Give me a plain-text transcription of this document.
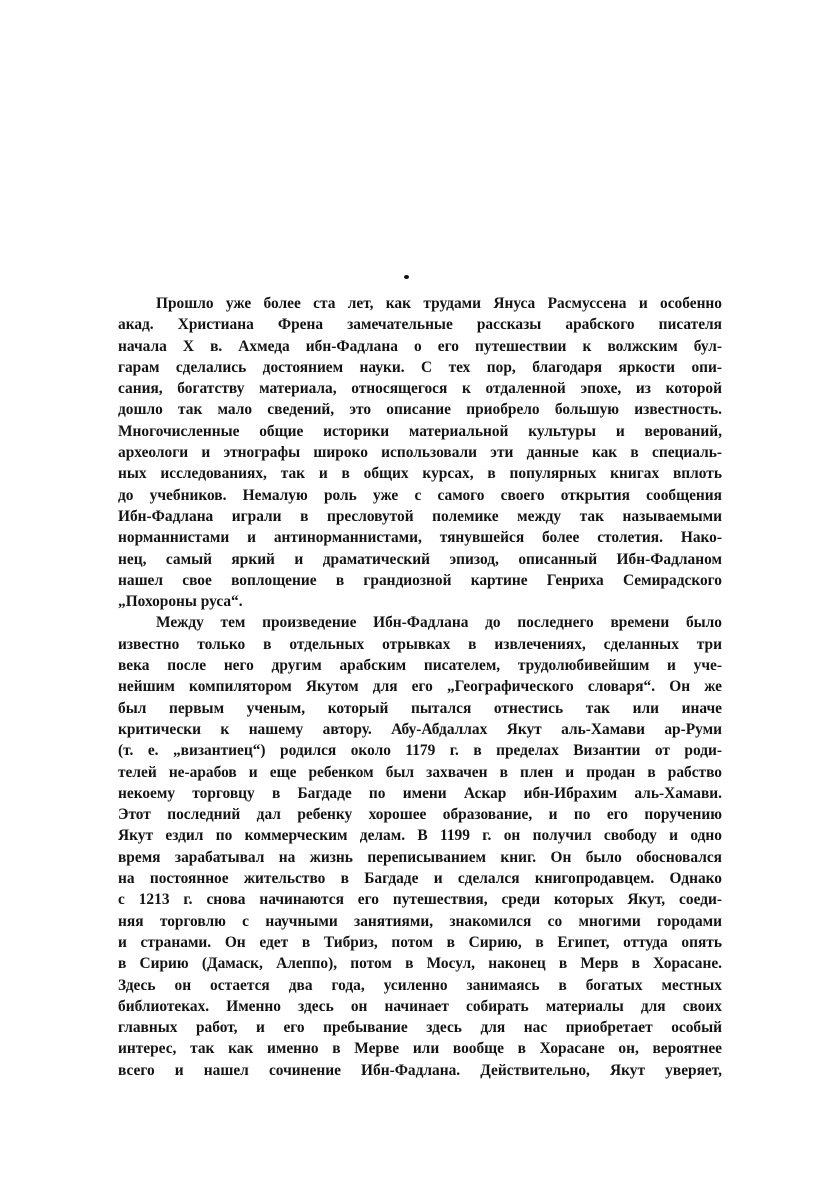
Прошло уже более ста лет, как трудами Януса Расмуссена и особенно
акад. Христиана Френа замечательные рассказы арабского писателя
начала X в. Ахмеда ибн-Фадлана о его путешествии к волжским бул-
гарам сделались достоянием науки. С тех пор, благодаря яркости опи-
сания, богатству материала, относящегося к отдаленной эпохе, из которой
дошло так мало сведений, это описание приобрело большую известность.
Многочисленные общие историки материальной культуры и верований,
археологи и этнографы широко использовали эти данные как в специаль-
ных исследованиях, так и в общих курсах, в популярных книгах вплоть
до учебников. Немалую роль уже с самого своего открытия сообщения
Ибн-Фадлана играли в пресловутой полемике между так называемыми
норманнистами и антинорманнистами, тянувшейся более столетия. Нако-
нец, самый яркий и драматический эпизод, описанный Ибн-Фадланом
нашел свое воплощение в грандиозной картине Генриха Семирадского
„Похороны руса“.

Между тем произведение Ибн-Фадлана до последнего времени было
известно только в отдельных отрывках в извлечениях, сделанных три
века после него другим арабским писателем, трудолюбивейшим и уче-
нейшим компилятором Якутом для его „Географического словаря“. Он же
был первым ученым, который пытался отнестись так или иначе
критически к нашему автору. Абу-Абдаллах Якут аль-Хамави ар-Руми
(т. е. „византиец“) родился около 1179 г. в пределах Византии от роди-
телей не-арабов и еще ребенком был захвачен в плен и продан в рабство
некоему торговцу в Багдаде по имени Аскар ибн-Ибрахим аль-Хамави.
Этот последний дал ребенку хорошее образование, и по его поручению
Якут ездил по коммерческим делам. В 1199 г. он получил свободу и одно
время зарабатывал на жизнь переписыванием книг. Он было обосновался
на постоянное жительство в Багдаде и сделался книгопродавцем. Однако
с 1213 г. снова начинаются его путешествия, среди которых Якут, соеди-
няя торговлю с научными занятиями, знакомился со многими городами
и странами. Он едет в Тибриз, потом в Сирию, в Египет, оттуда опять
в Сирию (Дамаск, Алеппо), потом в Мосул, наконец в Мерв в Хорасане.
Здесь он остается два года, усиленно занимаясь в богатых местных
библиотеках. Именно здесь он начинает собирать материалы для своих
главных работ, и его пребывание здесь для нас приобретает особый
интерес, так как именно в Мерве или вообще в Хорасане он, вероятнее
всего и нашел сочинение Ибн-Фадлана. Действительно, Якут уверяет,
